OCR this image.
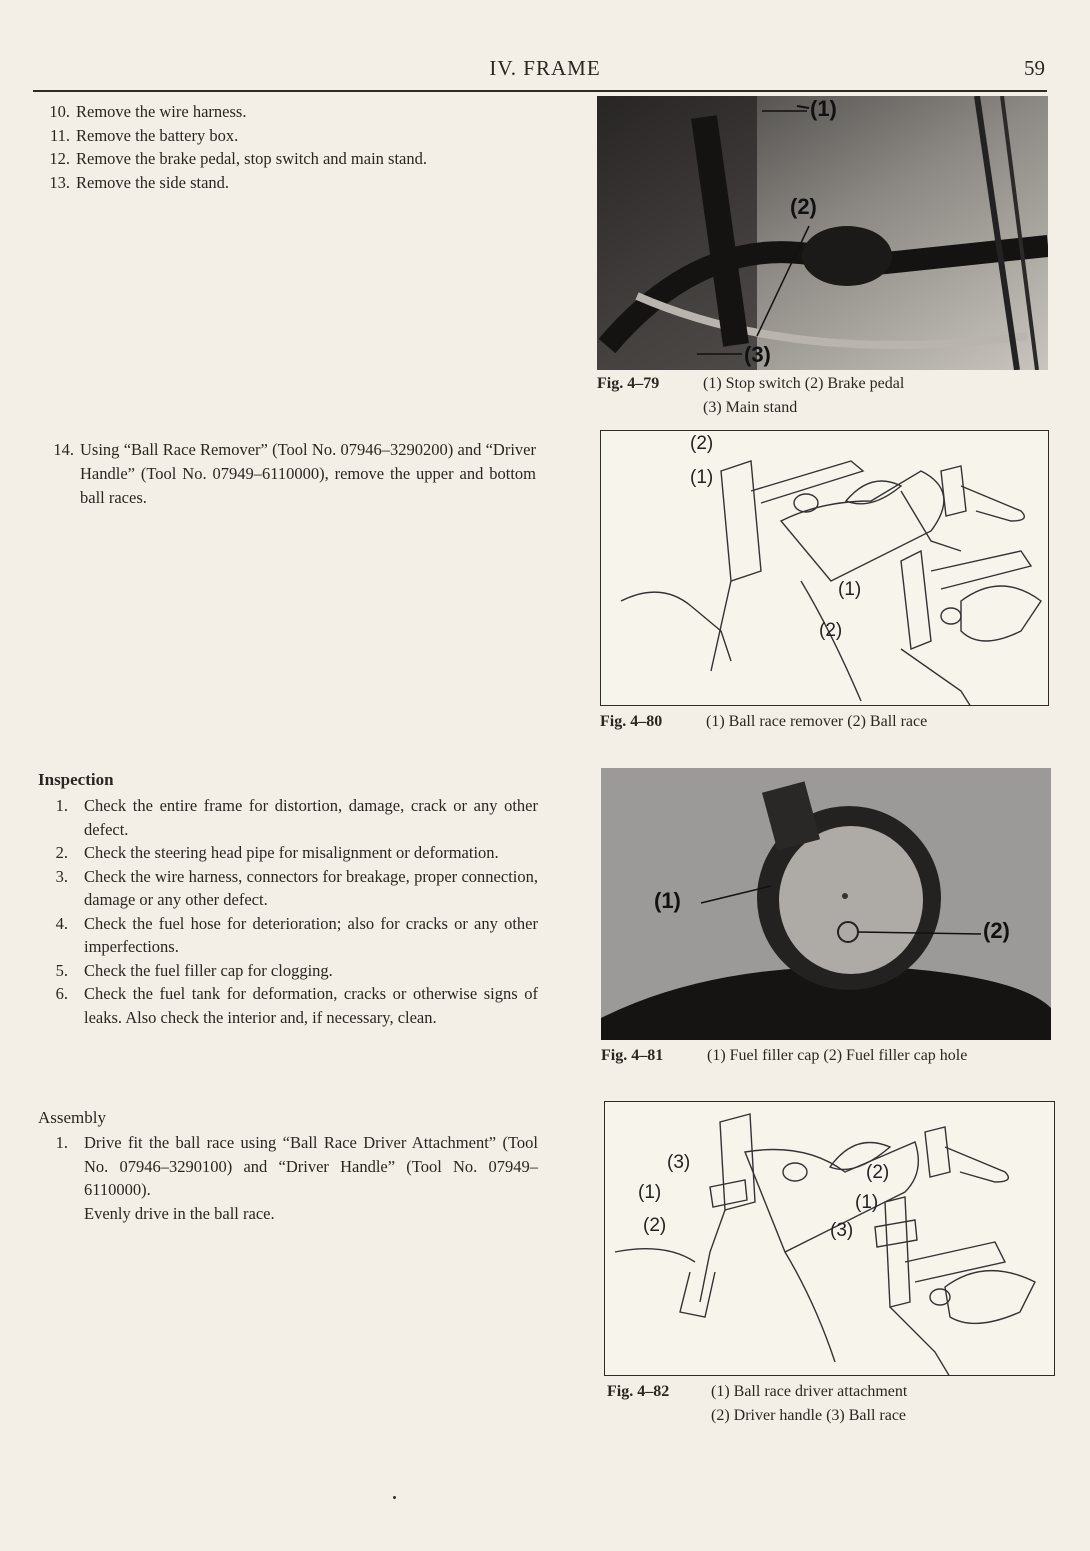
IV. FRAME	59
10. Remove the wire harness.
11. Remove the battery box.
12. Remove the brake pedal, stop switch and main stand.
13. Remove the side stand.
14. Using “Ball Race Remover” (Tool No. 07946–3290200) and “Driver Handle” (Tool No. 07949–6110000), remove the upper and bottom ball races.
Inspection
1. Check the entire frame for distortion, damage, crack or any other defect.
2. Check the steering head pipe for misalignment or deformation.
3. Check the wire harness, connectors for breakage, proper connection, damage or any other defect.
4. Check the fuel hose for deterioration; also for cracks or any other imperfections.
5. Check the fuel filler cap for clogging.
6. Check the fuel tank for deformation, cracks or otherwise signs of leaks. Also check the interior and, if necessary, clean.
Assembly
1. Drive fit the ball race using “Ball Race Driver Attachment” (Tool No. 07946–3290100) and “Driver Handle” (Tool No. 07949–6110000).
Evenly drive in the ball race.
(1)
(2)
(3)
Fig. 4–79	(1) Stop switch (2) Brake pedal
(3) Main stand
(2)
(1)
(1)
(2)
Fig. 4–80	(1) Ball race remover (2) Ball race
(1)
(2)
Fig. 4–81	(1) Fuel filler cap (2) Fuel filler cap hole
(3)
(1)
(2)
(2)
(1)
(3)
Fig. 4–82	(1) Ball race driver attachment
(2) Driver handle (3) Ball race
